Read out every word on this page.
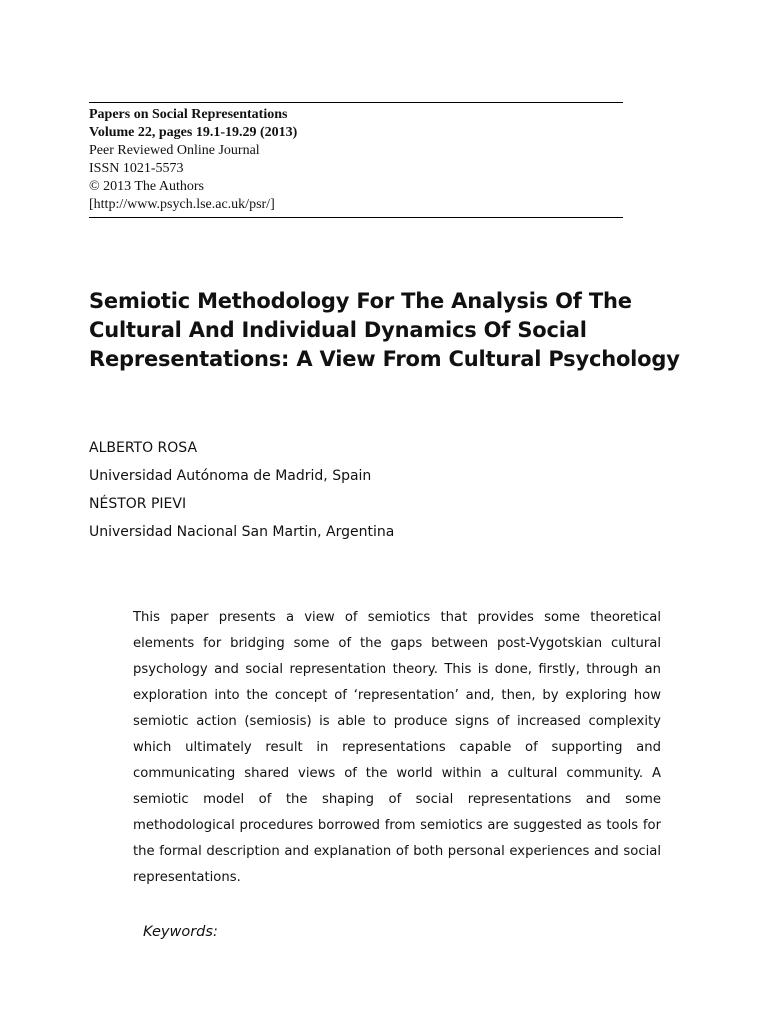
Papers on Social Representations
Volume 22, pages 19.1-19.29 (2013)
Peer Reviewed Online Journal
ISSN 1021-5573
© 2013 The Authors
[http://www.psych.lse.ac.uk/psr/]
Semiotic Methodology For The Analysis Of The Cultural And Individual Dynamics Of Social Representations: A View From Cultural Psychology
ALBERTO ROSA
Universidad Autónoma de Madrid, Spain
NÉSTOR PIEVI
Universidad Nacional San Martin, Argentina

This paper presents a view of semiotics that provides some theoretical elements for bridging some of the gaps between post-Vygotskian cultural psychology and social representation theory. This is done, firstly, through an exploration into the concept of ‘representation’ and, then, by exploring how semiotic action (semiosis) is able to produce signs of increased complexity which ultimately result in representations capable of supporting and communicating shared views of the world within a cultural community. A semiotic model of the shaping of social representations and some methodological procedures borrowed from semiotics are suggested as tools for the formal description and explanation of both personal experiences and social representations.

Keywords:
